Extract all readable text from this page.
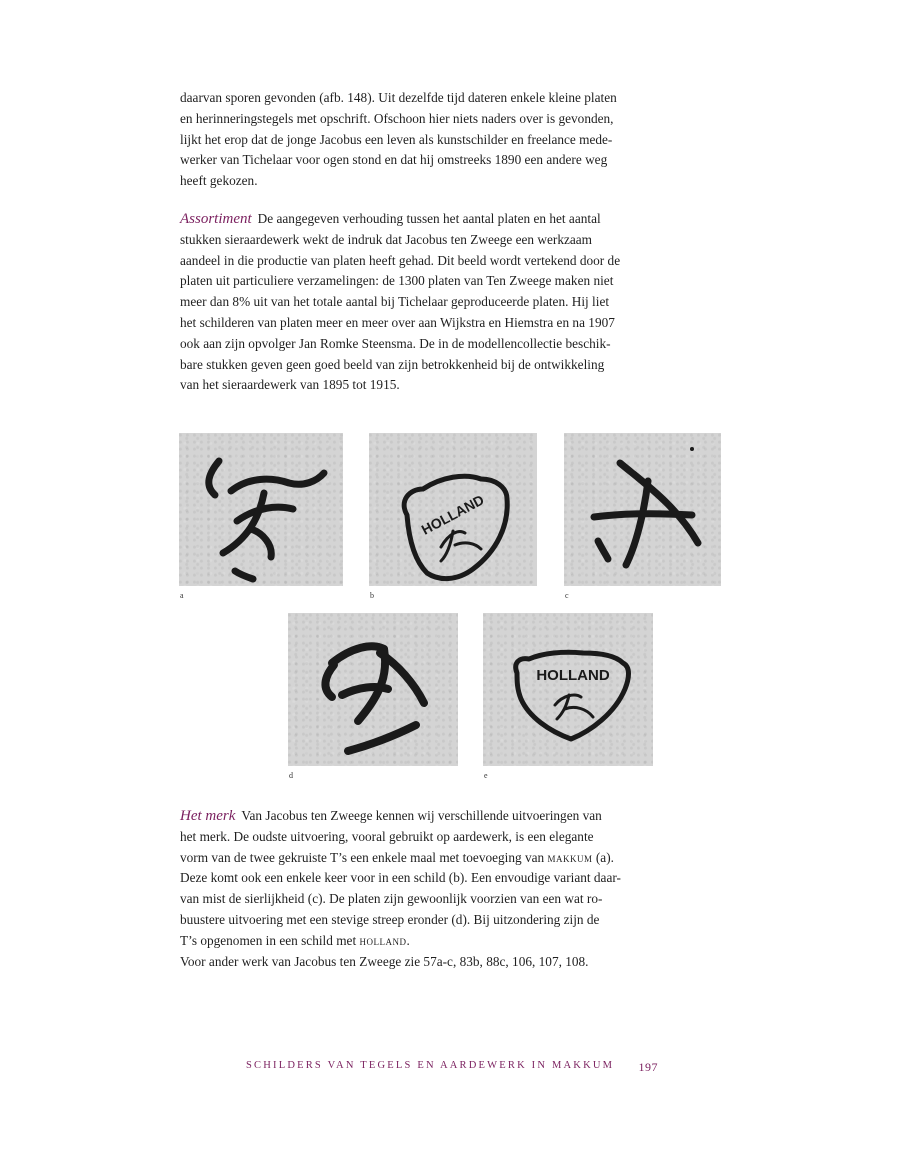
daarvan sporen gevonden (afb. 148). Uit dezelfde tijd dateren enkele kleine platen
en herinneringstegels met opschrift. Ofschoon hier niets naders over is gevonden,
lijkt het erop dat de jonge Jacobus een leven als kunstschilder en freelance mede-
werker van Tichelaar voor ogen stond en dat hij omstreeks 1890 een andere weg
heeft gekozen.
Assortiment De aangegeven verhouding tussen het aantal platen en het aantal
stukken sieraardewerk wekt de indruk dat Jacobus ten Zweege een werkzaam
aandeel in die productie van platen heeft gehad. Dit beeld wordt vertekend door de
platen uit particuliere verzamelingen: de 1300 platen van Ten Zweege maken niet
meer dan 8% uit van het totale aantal bij Tichelaar geproduceerde platen. Hij liet
het schilderen van platen meer en meer over aan Wijkstra en Hiemstra en na 1907
ook aan zijn opvolger Jan Romke Steensma. De in de modellencollectie beschik-
bare stukken geven geen goed beeld van zijn betrokkenheid bij de ontwikkeling
van het sieraardewerk van 1895 tot 1915.
a
HOLLAND
b	c
d
HOLLAND
e
Het merk Van Jacobus ten Zweege kennen wij verschillende uitvoeringen van
het merk. De oudste uitvoering, vooral gebruikt op aardewerk, is een elegante
vorm van de twee gekruiste T’s een enkele maal met toevoeging van makkum (a).
Deze komt ook een enkele keer voor in een schild (b). Een envoudige variant daar-
van mist de sierlijkheid (c). De platen zijn gewoonlijk voorzien van een wat ro-
buustere uitvoering met een stevige streep eronder (d). Bij uitzondering zijn de
T’s opgenomen in een schild met holland.
Voor ander werk van Jacobus ten Zweege zie 57a-c, 83b, 88c, 106, 107, 108.
SCHILDERS VAN TEGELS EN AARDEWERK IN MAKKUM 197
